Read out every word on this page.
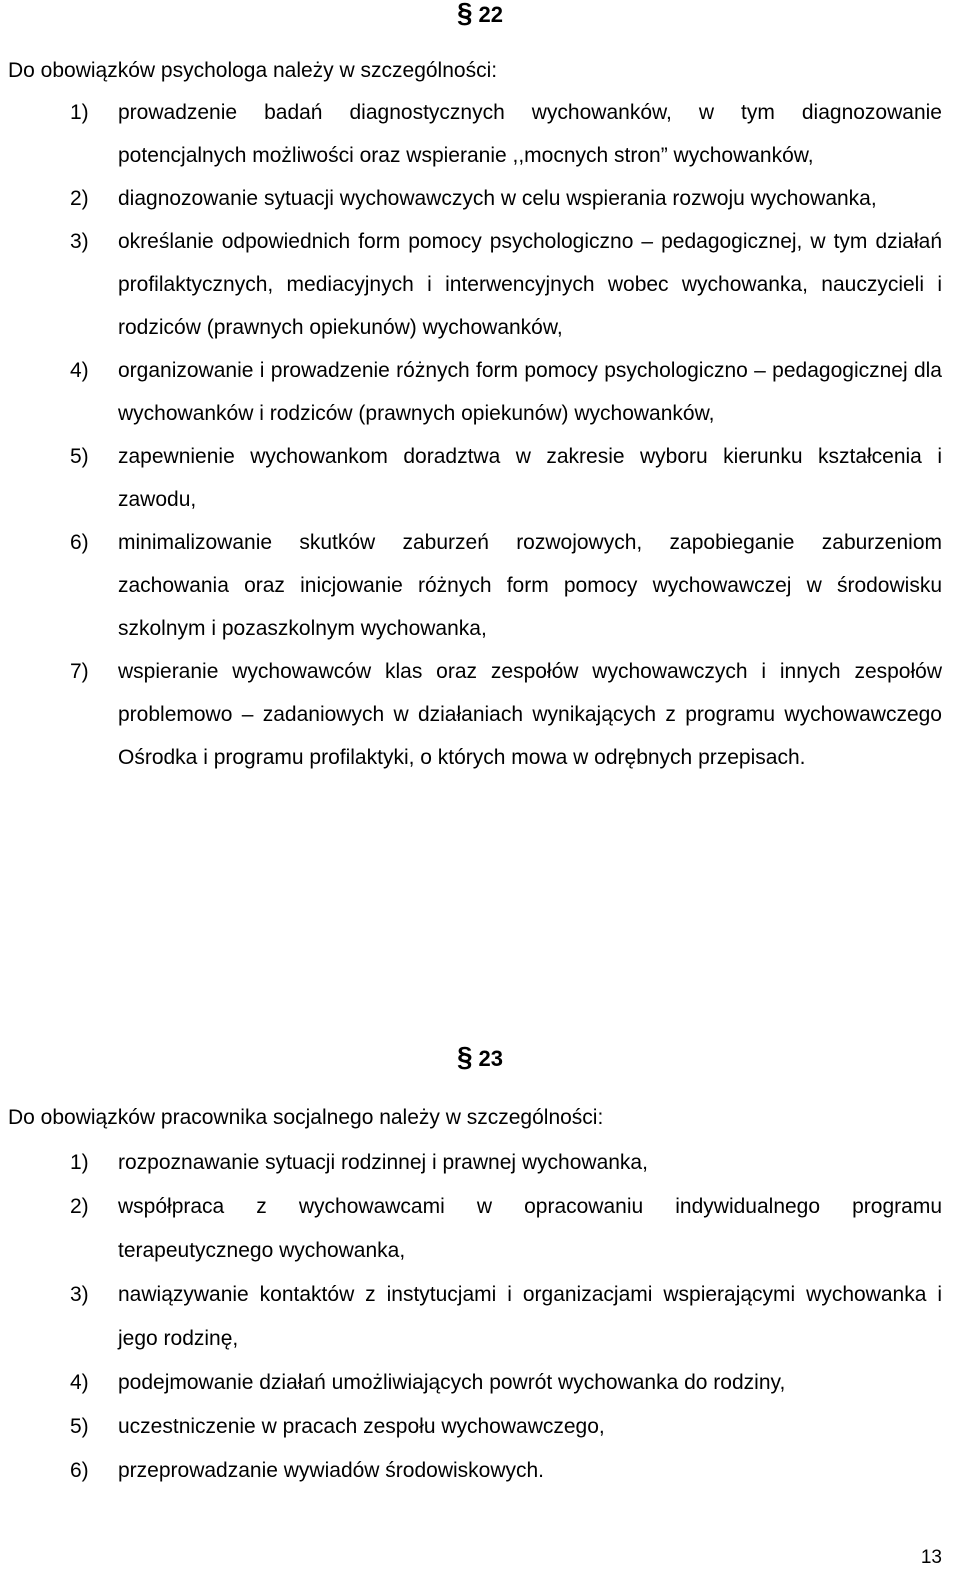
§ 22
Do obowiązków psychologa należy w szczególności:
1) prowadzenie badań diagnostycznych wychowanków, w tym diagnozowanie potencjalnych możliwości oraz wspieranie ,,mocnych stron” wychowanków,
2) diagnozowanie sytuacji wychowawczych w celu wspierania rozwoju wychowanka,
3) określanie odpowiednich form pomocy psychologiczno – pedagogicznej, w tym działań profilaktycznych, mediacyjnych i interwencyjnych wobec wychowanka, nauczycieli i rodziców (prawnych opiekunów) wychowanków,
4) organizowanie i prowadzenie różnych form pomocy psychologiczno – pedagogicznej dla wychowanków i rodziców (prawnych opiekunów) wychowanków,
5) zapewnienie wychowankom doradztwa w zakresie wyboru kierunku kształcenia i zawodu,
6) minimalizowanie skutków zaburzeń rozwojowych, zapobieganie zaburzeniom zachowania oraz inicjowanie różnych form pomocy wychowawczej w środowisku szkolnym i pozaszkolnym wychowanka,
7) wspieranie wychowawców klas oraz zespołów wychowawczych i innych zespołów problemowo – zadaniowych w działaniach wynikających z programu wychowawczego Ośrodka i programu profilaktyki, o których mowa w odrębnych przepisach.
§ 23
Do obowiązków pracownika socjalnego należy w szczególności:
1) rozpoznawanie sytuacji rodzinnej i prawnej wychowanka,
2) współpraca z wychowawcami w opracowaniu indywidualnego programu terapeutycznego wychowanka,
3) nawiązywanie kontaktów z instytucjami i organizacjami wspierającymi wychowanka i jego rodzinę,
4) podejmowanie działań umożliwiających powrót wychowanka do rodziny,
5) uczestniczenie w pracach zespołu wychowawczego,
6) przeprowadzanie wywiadów środowiskowych.
13
